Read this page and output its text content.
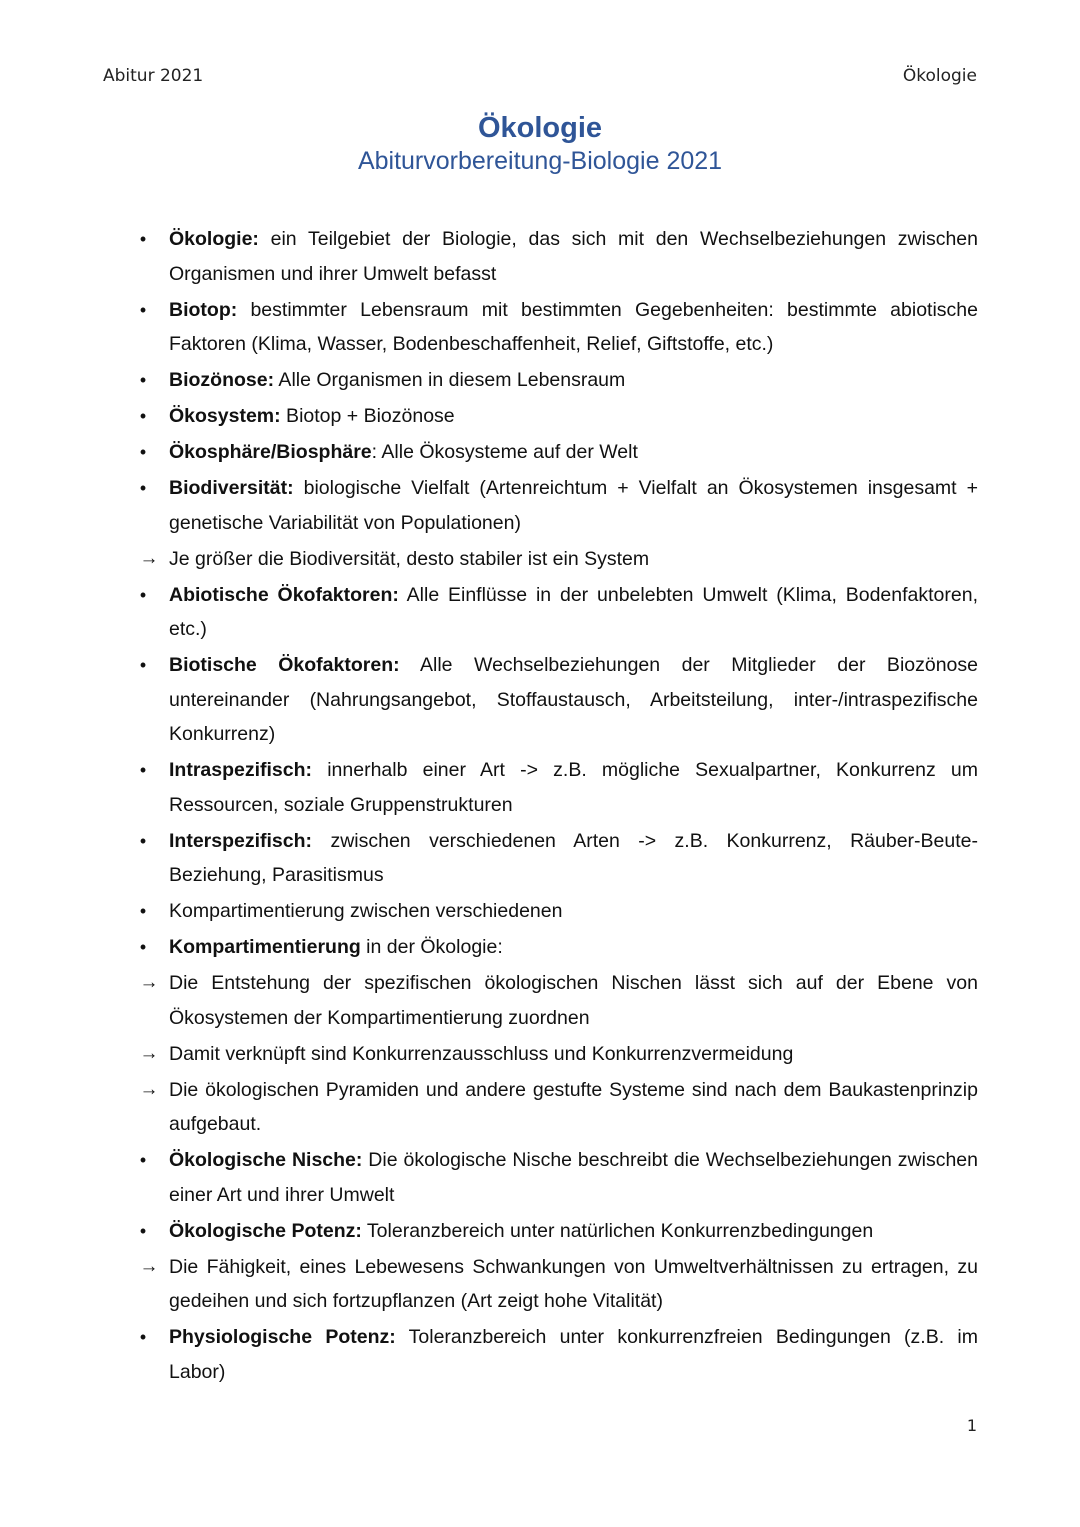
Abitur 2021	Ökologie
Ökologie
Abiturvorbereitung-Biologie 2021
•	Ökologie: ein Teilgebiet der Biologie, das sich mit den Wechselbeziehungen zwischen Organismen und ihrer Umwelt befasst
•	Biotop: bestimmter Lebensraum mit bestimmten Gegebenheiten: bestimmte abiotische Faktoren (Klima, Wasser, Bodenbeschaffenheit, Relief, Giftstoffe, etc.)
•	Biozönose: Alle Organismen in diesem Lebensraum
•	Ökosystem: Biotop + Biozönose
•	Ökosphäre/Biosphäre: Alle Ökosysteme auf der Welt
•	Biodiversität: biologische Vielfalt (Artenreichtum + Vielfalt an Ökosystemen insgesamt + genetische Variabilität von Populationen)
→ Je größer die Biodiversität, desto stabiler ist ein System
•	Abiotische Ökofaktoren: Alle Einflüsse in der unbelebten Umwelt (Klima, Bodenfaktoren, etc.)
•	Biotische Ökofaktoren: Alle Wechselbeziehungen der Mitglieder der Biozönose untereinander (Nahrungsangebot, Stoffaustausch, Arbeitsteilung, inter-/intraspezifische Konkurrenz)
•	Intraspezifisch: innerhalb einer Art -> z.B. mögliche Sexualpartner, Konkurrenz um Ressourcen, soziale Gruppenstrukturen
•	Interspezifisch: zwischen verschiedenen Arten -> z.B. Konkurrenz, Räuber-Beute-Beziehung, Parasitismus
•	Kompartimentierung zwischen verschiedenen
•	Kompartimentierung in der Ökologie:
→ Die Entstehung der spezifischen ökologischen Nischen lässt sich auf der Ebene von Ökosystemen der Kompartimentierung zuordnen
→ Damit verknüpft sind Konkurrenzausschluss und Konkurrenzvermeidung
→ Die ökologischen Pyramiden und andere gestufte Systeme sind nach dem Baukastenprinzip aufgebaut.
•	Ökologische Nische: Die ökologische Nische beschreibt die Wechselbeziehungen zwischen einer Art und ihrer Umwelt
•	Ökologische Potenz: Toleranzbereich unter natürlichen Konkurrenzbedingungen
→ Die Fähigkeit, eines Lebewesens Schwankungen von Umweltverhältnissen zu ertragen, zu gedeihen und sich fortzupflanzen (Art zeigt hohe Vitalität)
•	Physiologische Potenz: Toleranzbereich unter konkurrenzfreien Bedingungen (z.B. im Labor)
1
